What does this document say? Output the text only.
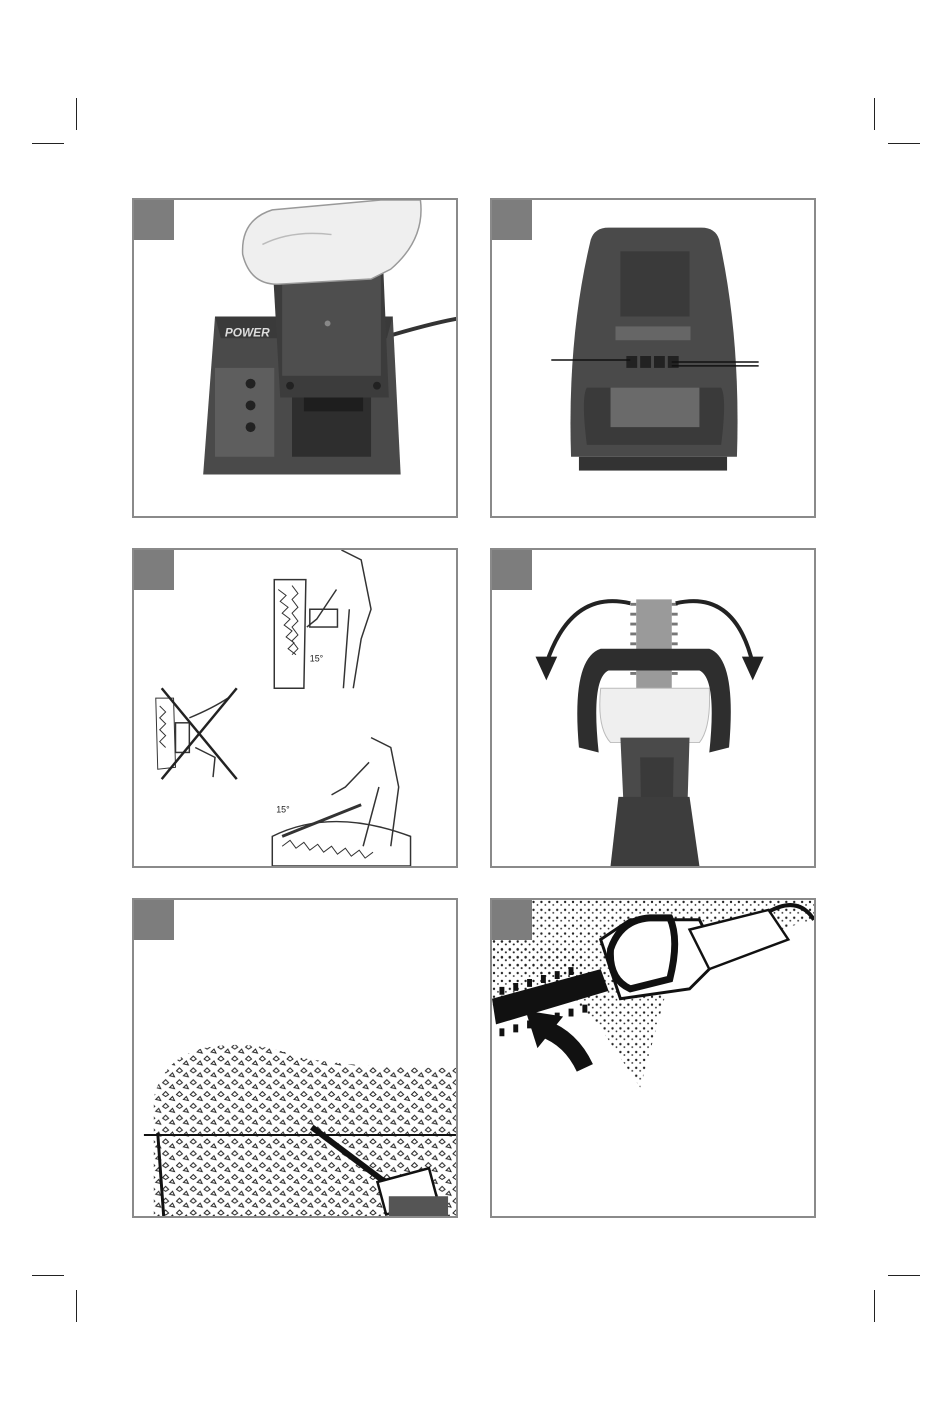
POWER
15°
15°
